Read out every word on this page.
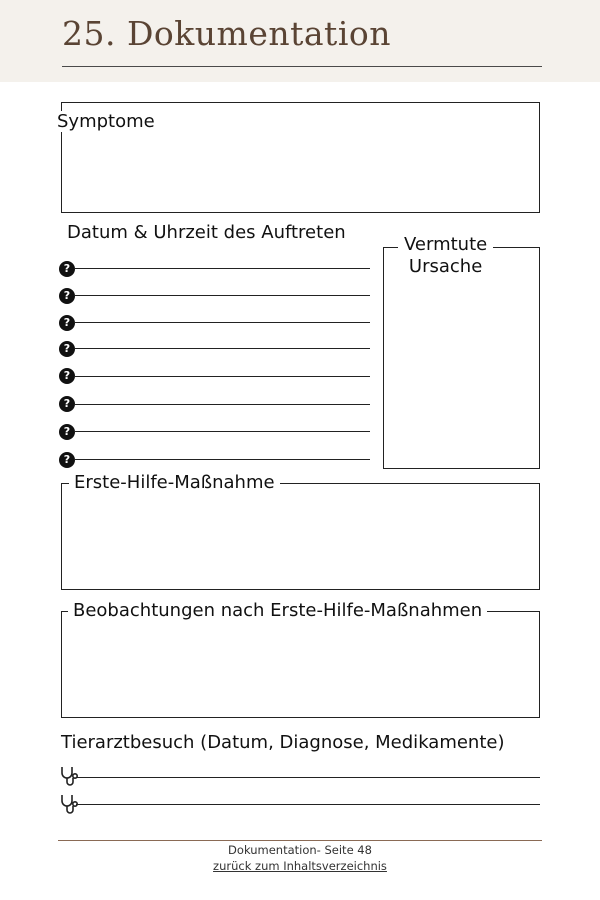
25. Dokumentation
Symptome
Datum & Uhrzeit des Auftreten
?
?
?
?
?
?
?
?
Vermtute
Ursache
Erste-Hilfe-Maßnahme
Beobachtungen nach Erste-Hilfe-Maßnahmen
Tierarztbesuch (Datum, Diagnose, Medikamente)
Dokumentation- Seite 48
zurück zum Inhaltsverzeichnis
